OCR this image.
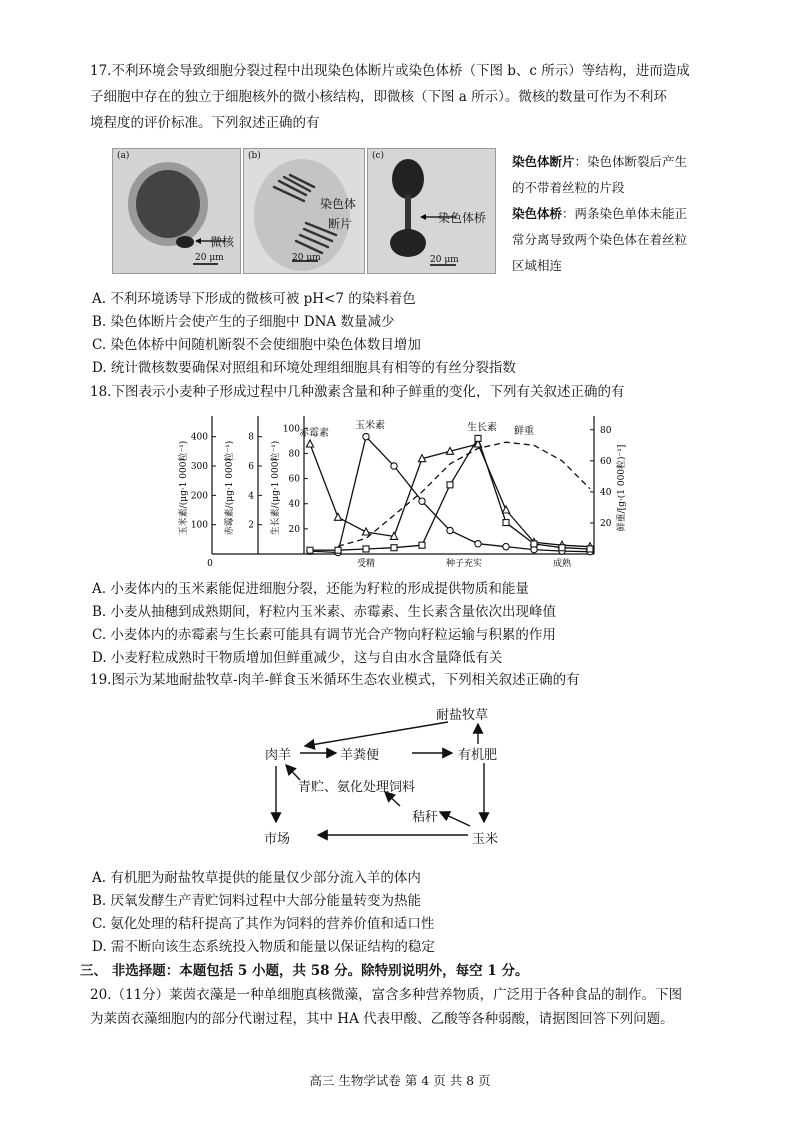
17.不利环境会导致细胞分裂过程中出现染色体断片或染色体桥（下图 b、c 所示）等结构，进而造成
子细胞中存在的独立于细胞核外的微小核结构，即微核（下图 a 所示）。微核的数量可作为不利环
境程度的评价标准。下列叙述正确的有
(a)
微核
20 μm
(b)
染色体
断片
20 μm
(c)
染色体桥
20 μm
染色体断片：染色体断裂后产生
的不带着丝粒的片段
染色体桥：两条染色单体未能正
常分离导致两个染色体在着丝粒
区域相连
A. 不利环境诱导下形成的微核可被 pH<7 的染料着色
B. 染色体断片会使产生的子细胞中 DNA 数量减少
C. 染色体桥中间随机断裂不会使细胞中染色体数目增加
D. 统计微核数要确保对照组和环境处理组细胞具有相等的有丝分裂指数
18.下图表示小麦种子形成过程中几种激素含量和种子鲜重的变化，下列有关叙述正确的有
100
200
300
400
玉米素/(μg·1 000粒⁻¹)	2
4
6
8
赤霉素/(μg·1 000粒⁻¹)	20
40
60
80
100
生长素/(μg·1 000粒⁻¹)	20
40
60
80
鲜重/[g·(1 000粒)⁻¹]
0	受精	种子充实	成熟
玉米素
赤霉素
生长素 鲜重
A. 小麦体内的玉米素能促进细胞分裂，还能为籽粒的形成提供物质和能量
B. 小麦从抽穗到成熟期间，籽粒内玉米素、赤霉素、生长素含量依次出现峰值
C. 小麦体内的赤霉素与生长素可能具有调节光合产物向籽粒运输与积累的作用
D. 小麦籽粒成熟时干物质增加但鲜重减少，这与自由水含量降低有关
19.图示为某地耐盐牧草-肉羊-鲜食玉米循环生态农业模式，下列相关叙述正确的有
耐盐牧草
肉羊	羊粪便	有机肥
青贮、氨化处理饲料
秸秆
市场	玉米
A. 有机肥为耐盐牧草提供的能量仅少部分流入羊的体内
B. 厌氧发酵生产青贮饲料过程中大部分能量转变为热能
C. 氨化处理的秸秆提高了其作为饲料的营养价值和适口性
D. 需不断向该生态系统投入物质和能量以保证结构的稳定
三、 非选择题：本题包括 5 小题，共 58 分。除特别说明外，每空 1 分。
20.（11分）莱茵衣藻是一种单细胞真核微藻，富含多种营养物质，广泛用于各种食品的制作。下图
为莱茵衣藻细胞内的部分代谢过程，其中 HA 代表甲酸、乙酸等各种弱酸，请据图回答下列问题。
高三 生物学试卷 第 4 页 共 8 页
